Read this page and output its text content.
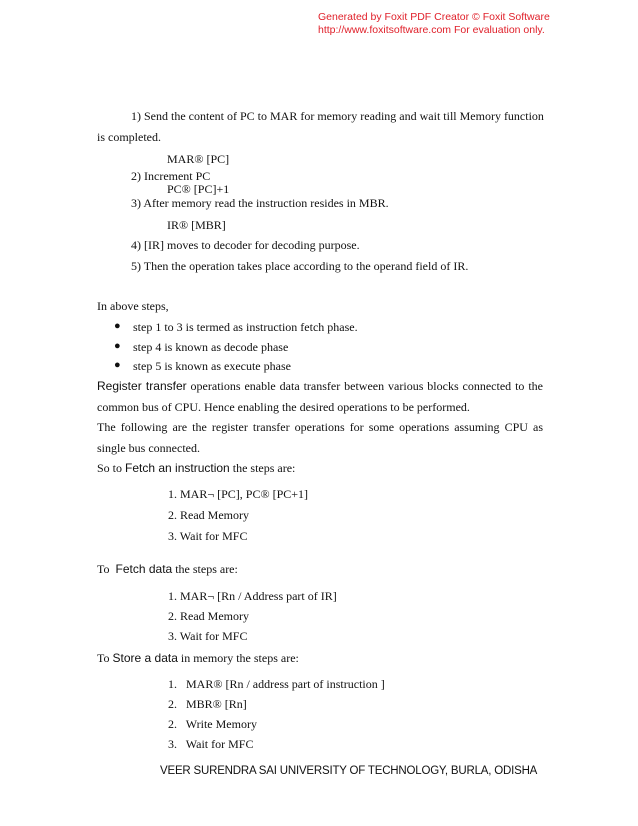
Generated by Foxit PDF Creator © Foxit Software
http://www.foxitsoftware.com For evaluation only.
1) Send the content of PC to MAR for memory reading and wait till Memory function
is completed.
MAR® [PC]
2) Increment PC
PC® [PC]+1
3) After memory read the instruction resides in MBR.
IR® [MBR]
4) [IR] moves to decoder for decoding purpose.
5) Then the operation takes place according to the operand field of IR.
In above steps,
● step 1 to 3 is termed as instruction fetch phase.
● step 4 is known as decode phase
● step 5 is known as execute phase
Register transfer operations enable data transfer between various blocks connected to the
common bus of CPU. Hence enabling the desired operations to be performed.
The following are the register transfer operations for some operations assuming CPU as
single bus connected.
So to Fetch an instruction the steps are:
1. MAR¬ [PC], PC® [PC+1]
2. Read Memory
3. Wait for MFC
To  Fetch data the steps are:
1. MAR¬ [Rn / Address part of IR]
2. Read Memory
3. Wait for MFC
To Store a data in memory the steps are:
1.   MAR® [Rn / address part of instruction ]
2.   MBR® [Rn]
2.   Write Memory
3.   Wait for MFC
VEER SURENDRA SAI UNIVERSITY OF TECHNOLOGY, BURLA, ODISHA
